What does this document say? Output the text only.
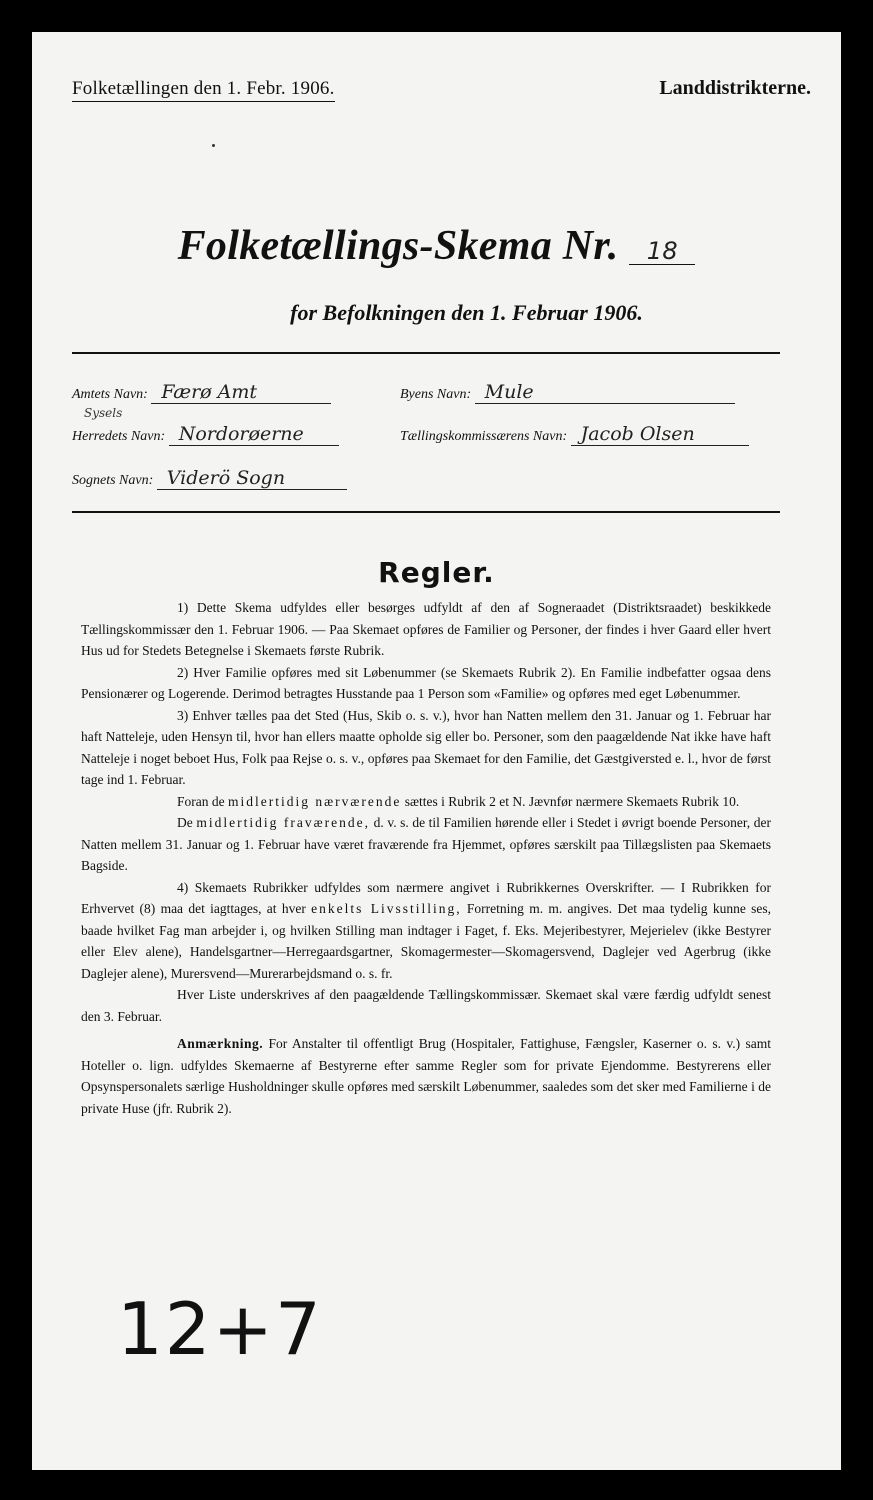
Folketællingen den 1. Febr. 1906.	Landdistrikterne.
Folketællings-Skema Nr. 18
for Befolkningen den 1. Februar 1906.
Amtets Navn: Færø Amt	Byens Navn: Mule
Sysels
Herredets Navn: Nordorøerne	Tællingskommissærens Navn: Jacob Olsen
Sognets Navn: Viderö Sogn
Regler.

1) Dette Skema udfyldes eller besørges udfyldt af den af Sogneraadet (Distriktsraadet) beskikkede Tællingskommissær den 1. Februar 1906. — Paa Skemaet opføres de Familier og Personer, der findes i hver Gaard eller hvert Hus ud for Stedets Betegnelse i Skemaets første Rubrik.

2) Hver Familie opføres med sit Løbenummer (se Skemaets Rubrik 2). En Familie indbefatter ogsaa dens Pensionærer og Logerende. Derimod betragtes Husstande paa 1 Person som «Familie» og opføres med eget Løbenummer.

3) Enhver tælles paa det Sted (Hus, Skib o. s. v.), hvor han Natten mellem den 31. Januar og 1. Februar har haft Natteleje, uden Hensyn til, hvor han ellers maatte opholde sig eller bo. Personer, som den paagældende Nat ikke have haft Natteleje i noget beboet Hus, Folk paa Rejse o. s. v., opføres paa Skemaet for den Familie, det Gæstgiversted e. l., hvor de først tage ind 1. Februar.

Foran de midlertidig nærværende sættes i Rubrik 2 et N. Jævnfør nærmere Skemaets Rubrik 10.

De midlertidig fraværende, d. v. s. de til Familien hørende eller i Stedet i øvrigt boende Personer, der Natten mellem 31. Januar og 1. Februar have været fraværende fra Hjemmet, opføres særskilt paa Tillægslisten paa Skemaets Bagside.

4) Skemaets Rubrikker udfyldes som nærmere angivet i Rubrikkernes Overskrifter. — I Rubrikken for Erhvervet (8) maa det iagttages, at hver enkelts Livsstilling, Forretning m. m. angives. Det maa tydelig kunne ses, baade hvilket Fag man arbejder i, og hvilken Stilling man indtager i Faget, f. Eks. Mejeribestyrer, Mejerielev (ikke Bestyrer eller Elev alene), Handelsgartner—Herregaardsgartner, Skomagermester—Skomagersvend, Daglejer ved Agerbrug (ikke Daglejer alene), Murersvend—Murerarbejdsmand o. s. fr.

Hver Liste underskrives af den paagældende Tællingskommissær. Skemaet skal være færdig udfyldt senest den 3. Februar.

Anmærkning. For Anstalter til offentligt Brug (Hospitaler, Fattighuse, Fængsler, Kaserner o. s. v.) samt Hoteller o. lign. udfyldes Skemaerne af Bestyrerne efter samme Regler som for private Ejendomme. Bestyrerens eller Opsynspersonalets særlige Husholdninger skulle opføres med særskilt Løbenummer, saaledes som det sker med Familierne i de private Huse (jfr. Rubrik 2).

12+7
